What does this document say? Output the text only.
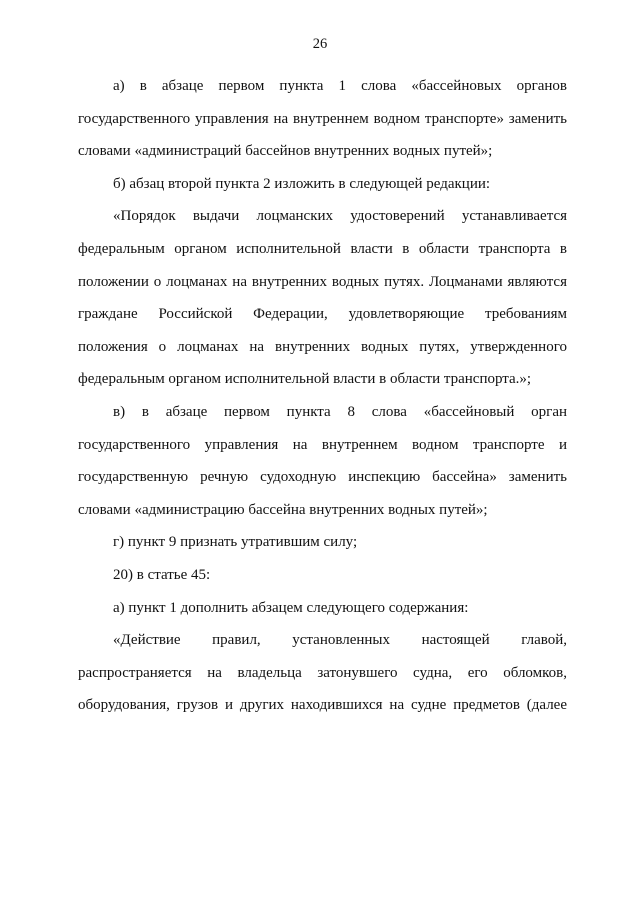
26

а) в абзаце первом пункта 1 слова «бассейновых органов государственного управления на внутреннем водном транспорте» заменить словами «администраций бассейнов внутренних водных путей»;

б) абзац второй пункта 2 изложить в следующей редакции:

«Порядок выдачи лоцманских удостоверений устанавливается федеральным органом исполнительной власти в области транспорта в положении о лоцманах на внутренних водных путях. Лоцманами являются граждане Российской Федерации, удовлетворяющие требованиям положения о лоцманах на внутренних водных путях, утвержденного федеральным органом исполнительной власти в области транспорта.»;

в) в абзаце первом пункта 8 слова «бассейновый орган государственного управления на внутреннем водном транспорте и государственную речную судоходную инспекцию бассейна» заменить словами «администрацию бассейна внутренних водных путей»;

г) пункт 9 признать утратившим силу;

20) в статье 45:

а) пункт 1 дополнить абзацем следующего содержания:

«Действие правил, установленных настоящей главой, распространяется на владельца затонувшего судна, его обломков, оборудования, грузов и других находившихся на судне предметов (далее
